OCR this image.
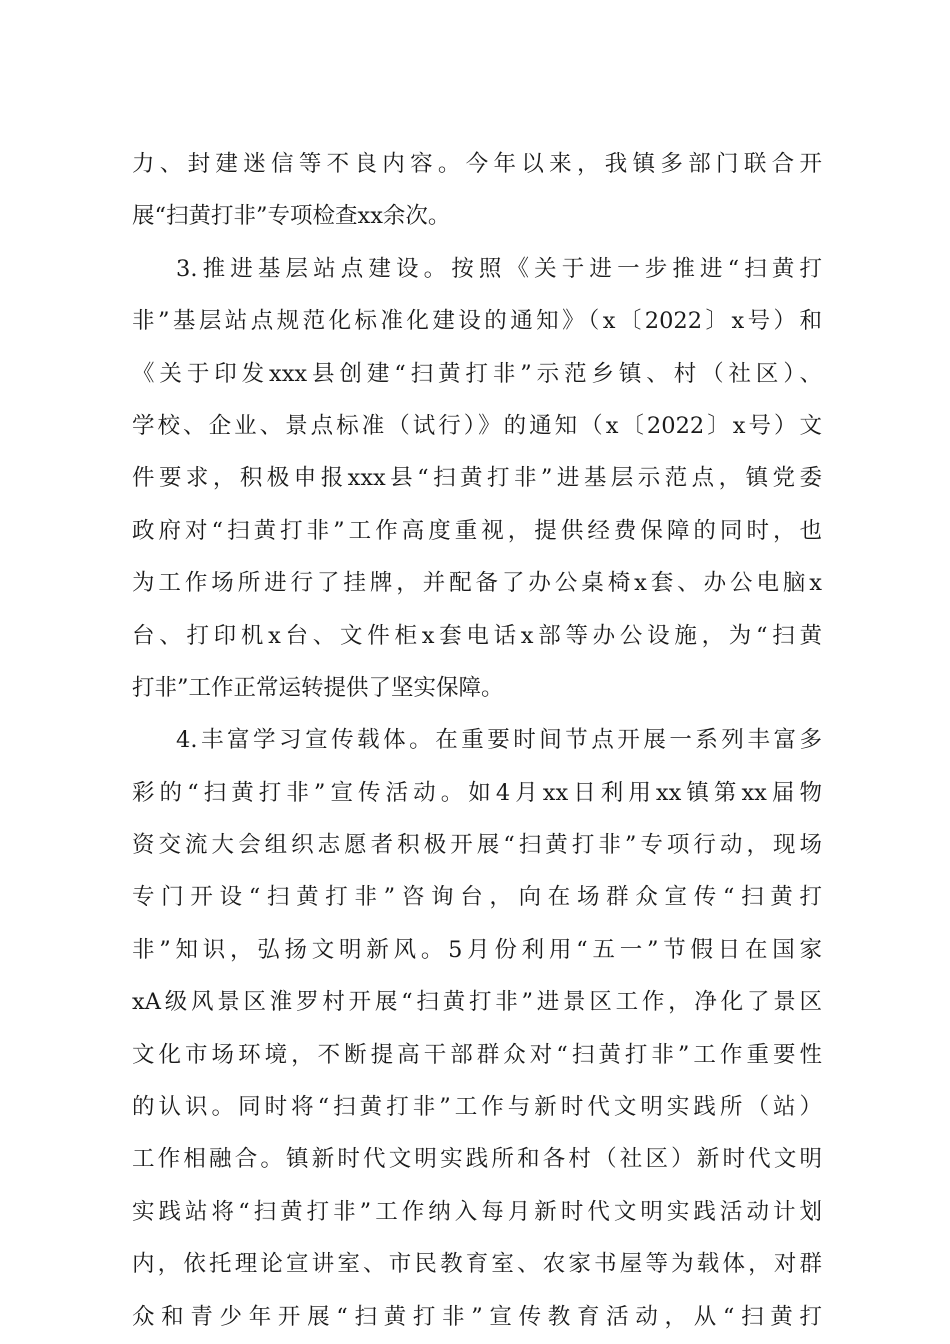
力、封建迷信等不良内容。今年以来，我镇多部门联合开
展“扫黄打非”专项检查xx余次。
3.推进基层站点建设。按照《关于进一步推进“扫黄打
非”基层站点规范化标准化建设的通知》（x〔2022〕x号）和
《关于印发xxx县创建“扫黄打非”示范乡镇、村（社区）、
学校、企业、景点标准（试行）》的通知（x〔2022〕x号）文
件要求，积极申报xxx县“扫黄打非”进基层示范点，镇党委
政府对“扫黄打非”工作高度重视，提供经费保障的同时，也
为工作场所进行了挂牌，并配备了办公桌椅x套、办公电脑x
台、打印机x台、文件柜x套电话x部等办公设施，为“扫黄
打非”工作正常运转提供了坚实保障。
4.丰富学习宣传载体。在重要时间节点开展一系列丰富多
彩的“扫黄打非”宣传活动。如4月xx日利用xx镇第xx届物
资交流大会组织志愿者积极开展“扫黄打非”专项行动，现场
专门开设“扫黄打非”咨询台，向在场群众宣传“扫黄打
非”知识，弘扬文明新风。5月份利用“五一”节假日在国家
xA级风景区淮罗村开展“扫黄打非”进景区工作，净化了景区
文化市场环境，不断提高干部群众对“扫黄打非”工作重要性
的认识。同时将“扫黄打非”工作与新时代文明实践所（站）
工作相融合。镇新时代文明实践所和各村（社区）新时代文明
实践站将“扫黄打非”工作纳入每月新时代文明实践活动计划
内，依托理论宣讲室、市民教育室、农家书屋等为载体，对群
众和青少年开展“扫黄打非”宣传教育活动，从“扫黄打
